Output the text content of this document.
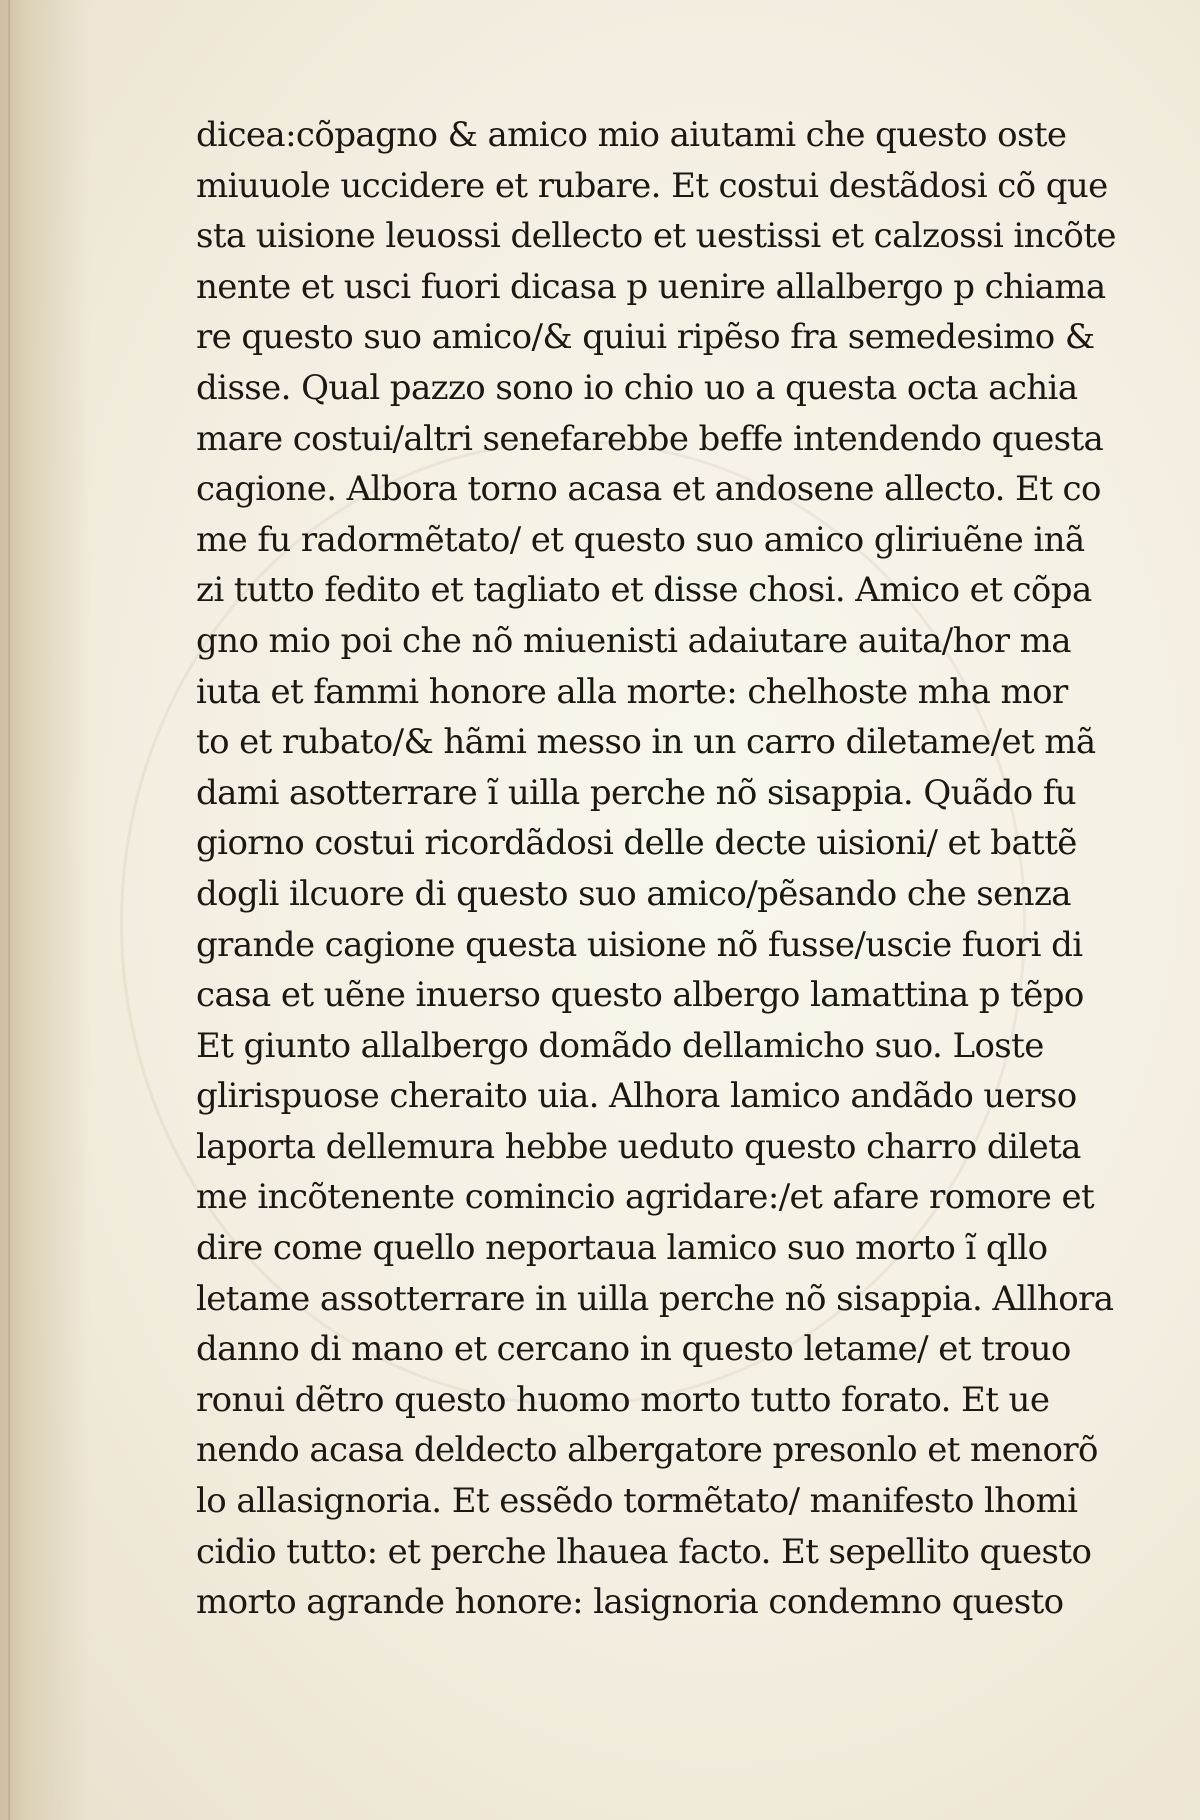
dicea:cõpagno & amico mio aiutami che questo oste
miuuole uccidere et rubare. Et costui destãdosi cõ que
sta uisione leuossi dellecto et uestissi et calzossi incõte
nente et usci fuori dicasa p uenire allalbergo p chiama
re questo suo amico/& quiui ripẽso fra semedesimo &
disse. Qual pazzo sono io chio uo a questa octa achia
mare costui/altri senefarebbe beffe intendendo questa
cagione. Albora torno acasa et andosene allecto. Et co
me fu radormẽtato/ et questo suo amico gliriuẽne inã
zi tutto fedito et tagliato et disse chosi. Amico et cõpa
gno mio poi che nõ miuenisti adaiutare auita/hor ma
iuta et fammi honore alla morte: chelhoste mha mor
to et rubato/& hãmi messo in un carro diletame/et mã
dami asotterrare ĩ uilla perche nõ sisappia. Quãdo fu
giorno costui ricordãdosi delle decte uisioni/ et battẽ
dogli ilcuore di questo suo amico/pẽsando che senza
grande cagione questa uisione nõ fusse/uscie fuori di
casa et uẽne inuerso questo albergo lamattina p tẽpo
Et giunto allalbergo domãdo dellamicho suo. Loste
glirispuose cheraito uia. Alhora lamico andãdo uerso
laporta dellemura hebbe ueduto questo charro dileta
me incõtenente comincio agridare:/et afare romore et
dire come quello neportaua lamico suo morto ĩ qllo
letame assotterrare in uilla perche nõ sisappia. Allhora
danno di mano et cercano in questo letame/ et trouo
ronui dẽtro questo huomo morto tutto forato. Et ue
nendo acasa deldecto albergatore presonlo et menorõ
lo allasignoria. Et essẽdo tormẽtato/ manifesto lhomi
cidio tutto: et perche lhauea facto. Et sepellito questo
morto agrande honore: lasignoria condemno questo
